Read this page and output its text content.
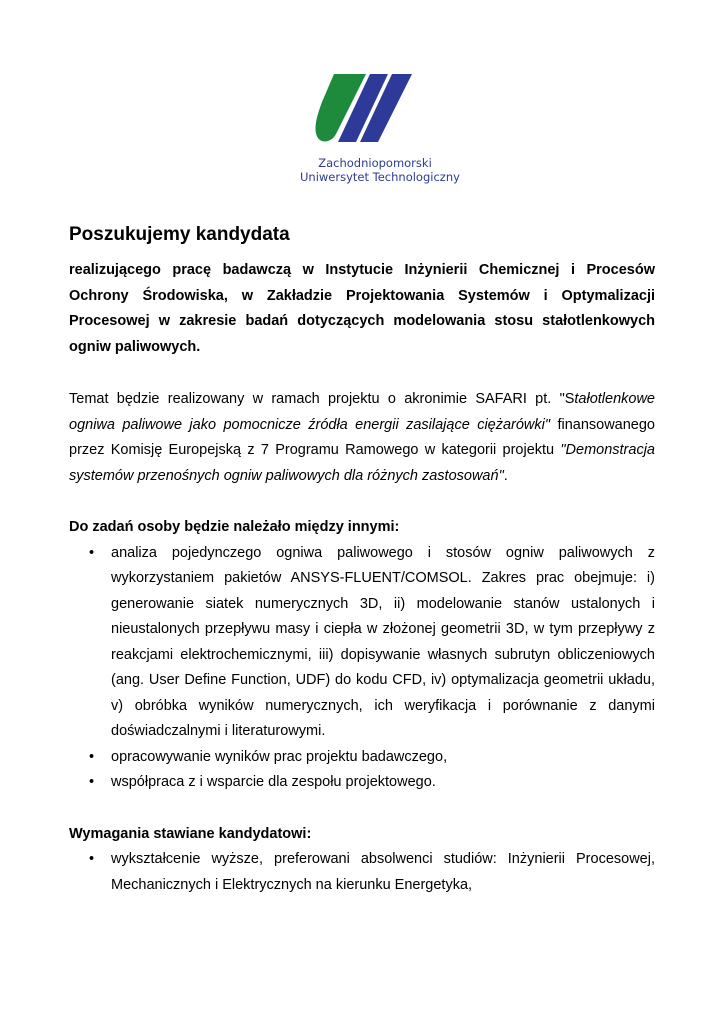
Zachodniopomorski
Uniwersytet Technologiczny
Poszukujemy kandydata

realizującego pracę badawczą w Instytucie Inżynierii Chemicznej i Procesów Ochrony Środowiska, w Zakładzie Projektowania Systemów i Optymalizacji Procesowej w zakresie badań dotyczących modelowania stosu stałotlenkowych ogniw paliwowych.

Temat będzie realizowany w ramach projektu o akronimie SAFARI pt. "Stałotlenkowe ogniwa paliwowe jako pomocnicze źródła energii zasilające ciężarówki" finansowanego przez Komisję Europejską z 7 Programu Ramowego w kategorii projektu "Demonstracja systemów przenośnych ogniw paliwowych dla różnych zastosowań".

Do zadań osoby będzie należało między innymi:
• analiza pojedynczego ogniwa paliwowego i stosów ogniw paliwowych z wykorzystaniem pakietów ANSYS-FLUENT/COMSOL. Zakres prac obejmuje: i) generowanie siatek numerycznych 3D, ii) modelowanie stanów ustalonych i nieustalonych przepływu masy i ciepła w złożonej geometrii 3D, w tym przepływy z reakcjami elektrochemicznymi, iii) dopisywanie własnych subrutyn obliczeniowych (ang. User Define Function, UDF) do kodu CFD, iv) optymalizacja geometrii układu, v) obróbka wyników numerycznych, ich weryfikacja i porównanie z danymi doświadczalnymi i literaturowymi.
• opracowywanie wyników prac projektu badawczego,
• współpraca z i wsparcie dla zespołu projektowego.
Wymagania stawiane kandydatowi:
• wykształcenie wyższe, preferowani absolwenci studiów: Inżynierii Procesowej, Mechanicznych i Elektrycznych na kierunku Energetyka,
